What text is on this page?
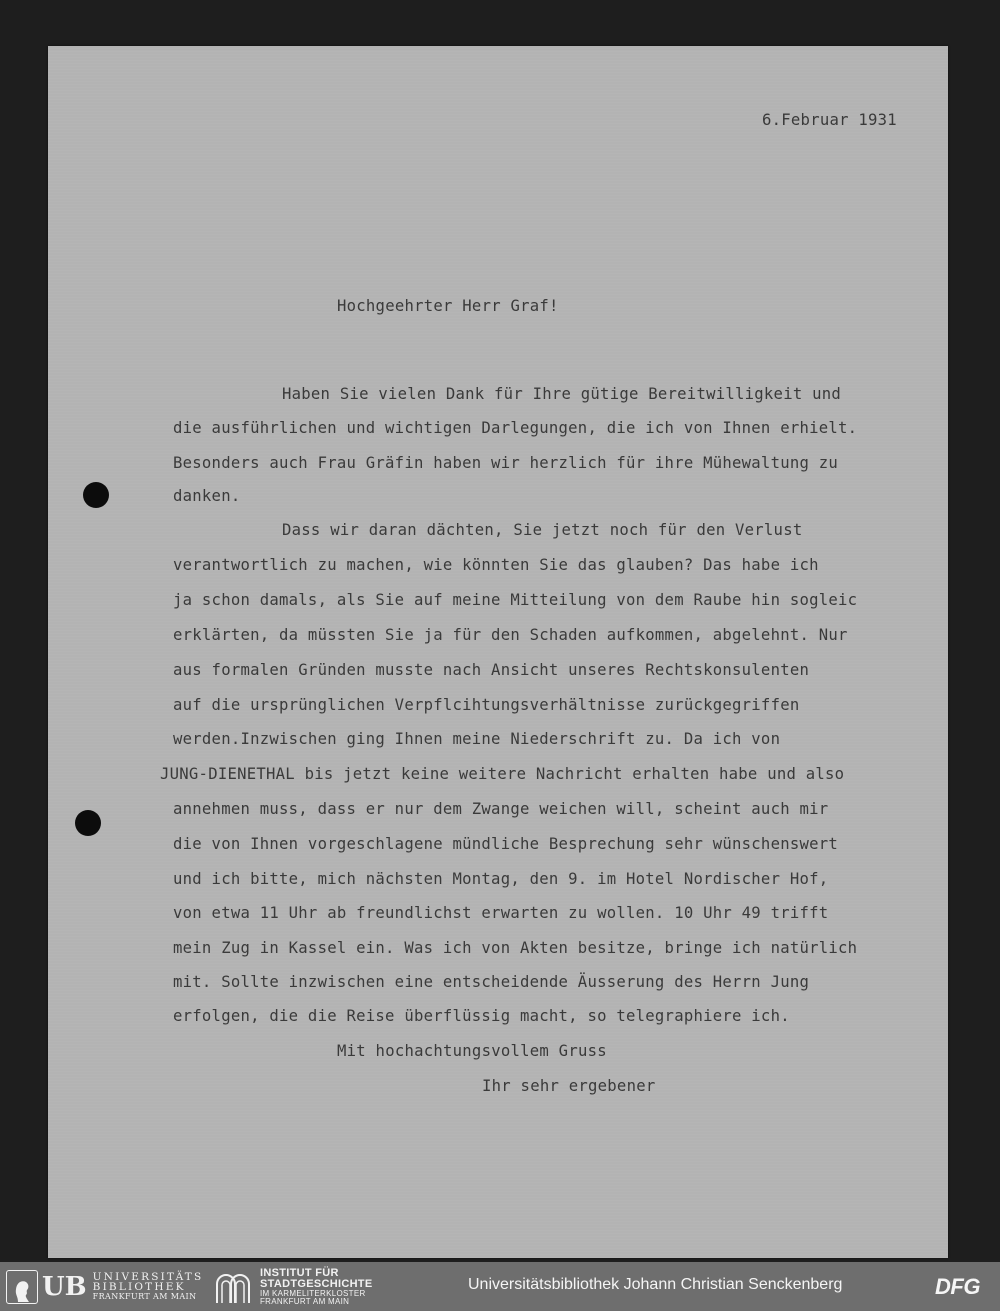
6.Februar 1931
Hochgeehrter Herr Graf!
Haben Sie vielen Dank für Ihre gütige Bereitwilligkeit und
die ausführlichen und wichtigen Darlegungen, die ich von Ihnen erhielt.
Besonders auch Frau Gräfin haben wir herzlich für ihre Mühewaltung zu
danken.
Dass wir daran dächten, Sie jetzt noch für den Verlust
verantwortlich zu machen, wie könnten Sie das glauben? Das habe ich
ja schon damals, als Sie auf meine Mitteilung von dem Raube hin sogleic
erklärten, da müssten Sie ja für den Schaden aufkommen, abgelehnt. Nur
aus formalen Gründen musste nach Ansicht unseres Rechtskonsulenten
auf die ursprünglichen Verpflcihtungsverhältnisse zurückgegriffen
werden.Inzwischen ging Ihnen meine Niederschrift zu. Da ich von
JUNG-DIENETHAL bis jetzt keine weitere Nachricht erhalten habe und also
annehmen muss, dass er nur dem Zwange weichen will, scheint auch mir
die von Ihnen vorgeschlagene mündliche Besprechung sehr wünschenswert
und ich bitte, mich nächsten Montag, den 9. im Hotel Nordischer Hof,
von etwa 11 Uhr ab freundlichst erwarten zu wollen. 10 Uhr 49 trifft
mein Zug in Kassel ein. Was ich von Akten besitze, bringe ich natürlich
mit. Sollte inzwischen eine entscheidende Äusserung des Herrn Jung
erfolgen, die die Reise überflüssig macht, so telegraphiere ich.
Mit hochachtungsvollem Gruss
Ihr sehr ergebener
UB UNIVERSITÄTS
BIBLIOTHEK
FRANKFURT AM MAIN
INSTITUT FÜR
STADTGESCHICHTE
IM KARMELITERKLOSTER
FRANKFURT AM MAIN
Universitätsbibliothek Johann Christian Senckenberg	DFG
